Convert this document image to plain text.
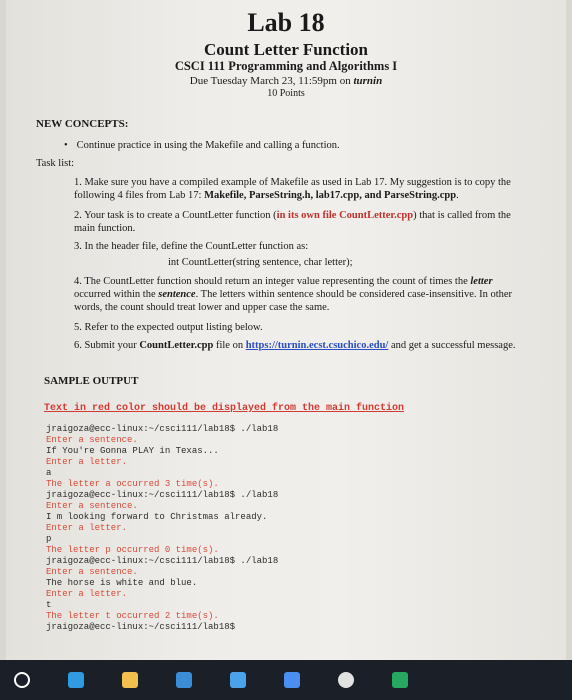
Lab 18
Count Letter Function
CSCI 111 Programming and Algorithms I
Due Tuesday March 23, 11:59pm on turnin
10 Points
NEW CONCEPTS:
• Continue practice in using the Makefile and calling a function.
Task list:
1. Make sure you have a compiled example of Makefile as used in Lab 17. My suggestion is to copy the
following 4 files from Lab 17: Makefile, ParseString.h, lab17.cpp, and ParseString.cpp.
2. Your task is to create a CountLetter function (in its own file CountLetter.cpp) that is called from the
main function.
3. In the header file, define the CountLetter function as:
int CountLetter(string sentence, char letter);
4. The CountLetter function should return an integer value representing the count of times the letter
occurred within the sentence. The letters within sentence should be considered case-insensitive. In other
words, the count should treat lower and upper case the same.
5. Refer to the expected output listing below.
6. Submit your CountLetter.cpp file on https://turnin.ecst.csuchico.edu/ and get a successful message.
SAMPLE OUTPUT
Text in red color should be displayed from the main function
jraigoza@ecc-linux:~/csci111/lab18$ ./lab18
Enter a sentence.
If You're Gonna PLAY in Texas...
Enter a letter.
a
The letter a occurred 3 time(s).
jraigoza@ecc-linux:~/csci111/lab18$ ./lab18
Enter a sentence.
I m looking forward to Christmas already.
Enter a letter.
p
The letter p occurred 0 time(s).
jraigoza@ecc-linux:~/csci111/lab18$ ./lab18
Enter a sentence.
The horse is white and blue.
Enter a letter.
t
The letter t occurred 2 time(s).
jraigoza@ecc-linux:~/csci111/lab18$
